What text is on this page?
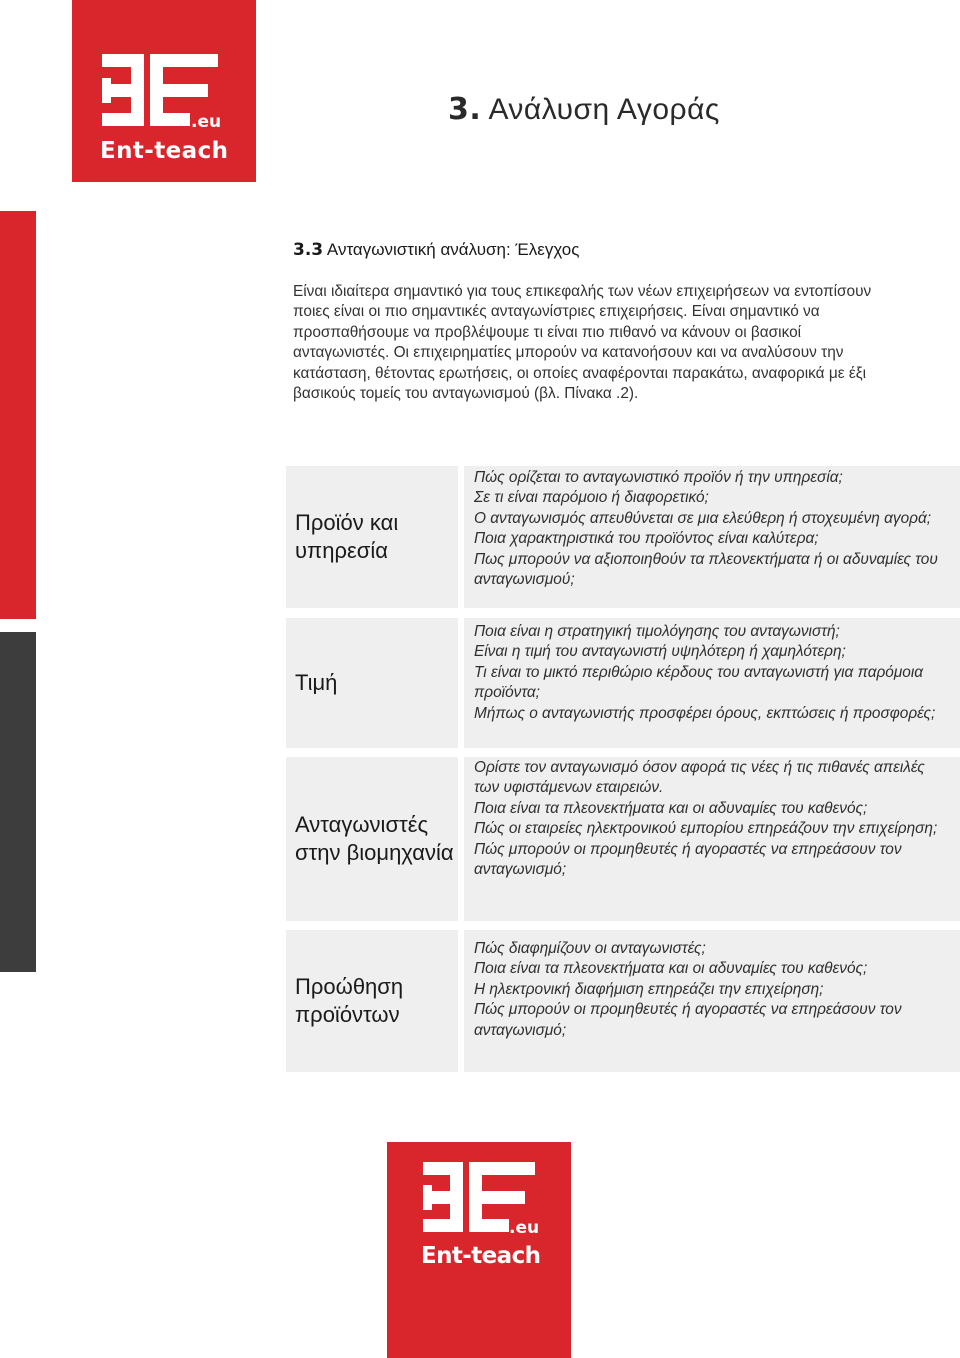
.eu
Ent-teach
3. Ανάλυση Αγοράς
3.3 Ανταγωνιστική ανάλυση: Έλεγχος

Είναι ιδιαίτερα σημαντικό για τους επικεφαλής των νέων επιχειρήσεων να εντοπίσουν ποιες είναι οι πιο σημαντικές ανταγωνίστριες επιχειρήσεις. Είναι σημαντικό να προσπαθήσουμε να προβλέψουμε τι είναι πιο πιθανό να κάνουν οι βασικοί ανταγωνιστές. Οι επιχειρηματίες μπορούν να κατανοήσουν και να αναλύσουν την κατάσταση, θέτοντας ερωτήσεις, οι οποίες αναφέρονται παρακάτω, αναφορικά με έξι βασικούς τομείς του ανταγωνισμού (βλ. Πίνακα .2).

Προϊόν και υπηρεσία

Πώς ορίζεται το ανταγωνιστικό προϊόν ή την υπηρεσία;

Σε τι είναι παρόμοιο ή διαφορετικό;

Ο ανταγωνισμός απευθύνεται σε μια ελεύθερη ή στοχευμένη αγορά;

Ποια χαρακτηριστικά του προϊόντος είναι καλύτερα;

Πως μπορούν να αξιοποιηθούν τα πλεονεκτήματα ή οι αδυναμίες του ανταγωνισμού;

Τιμή

Ποια είναι η στρατηγική τιμολόγησης του ανταγωνιστή;

Είναι η τιμή του ανταγωνιστή υψηλότερη ή χαμηλότερη;

Τι είναι το μικτό περιθώριο κέρδους του ανταγωνιστή για παρόμοια προϊόντα;

Μήπως ο ανταγωνιστής προσφέρει όρους, εκπτώσεις ή προσφορές;

Ανταγωνιστές στην βιομηχανία

Ορίστε τον ανταγωνισμό όσον αφορά τις νέες ή τις πιθανές απειλές των υφιστάμενων εταιρειών.

Ποια είναι τα πλεονεκτήματα και οι αδυναμίες του καθενός;

Πώς οι εταιρείες ηλεκτρονικού εμπορίου επηρεάζουν την επιχείρηση;

Πώς μπορούν οι προμηθευτές ή αγοραστές να επηρεάσουν τον ανταγωνισμό;

Προώθηση προϊόντων

Πώς διαφημίζουν οι ανταγωνιστές;

Ποια είναι τα πλεονεκτήματα και οι αδυναμίες του καθενός;

Η ηλεκτρονική διαφήμιση επηρεάζει την επιχείρηση;

Πώς μπορούν οι προμηθευτές ή αγοραστές να επηρεάσουν τον ανταγωνισμό;

.eu
Ent-teach
